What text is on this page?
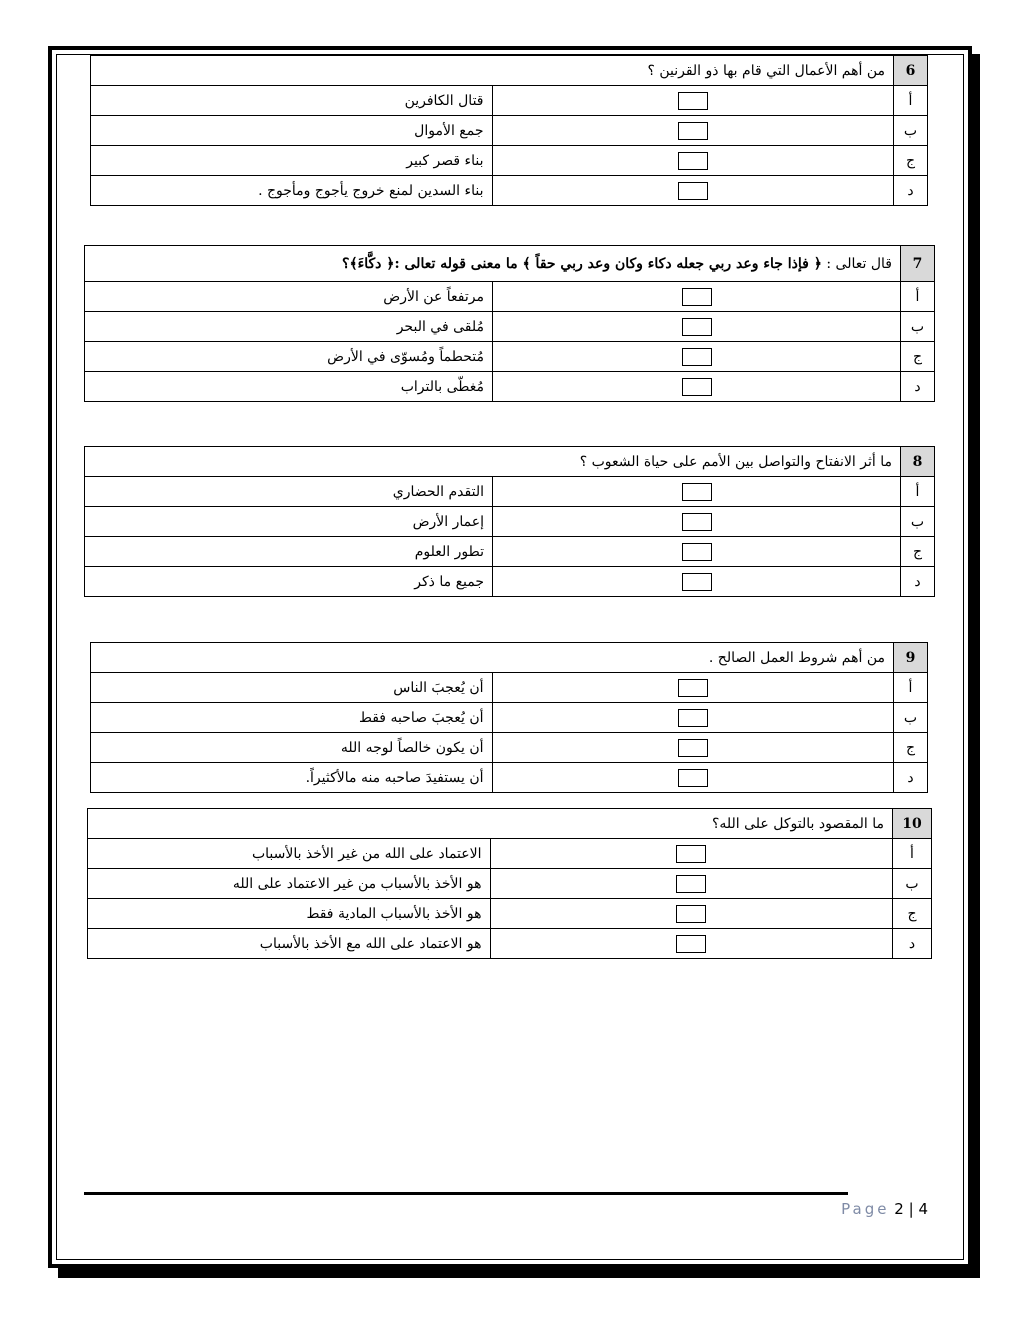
6	من أهم الأعمال التي قام بها ذو القرنين ؟	
أ		قتال الكافرين
ب		جمع الأموال
ج		بناء قصر كبير
د		بناء السدين لمنع خروج يأجوج ومأجوج .
7	قال تعالى : ﴿ فإذا جاء وعد ربي جعله دكاء وكان وعد ربي حقاً ﴾ ما معنى قوله تعالى :﴿ دكَّاءَ﴾؟	
أ		مرتفعاً عن الأرض
ب		مُلقى في البحر
ج		مُتحطماً ومُسوّى في الأرض
د		مُغطّى بالتراب
8	ما أثر الانفتاح والتواصل بين الأمم على حياة الشعوب ؟	
أ		التقدم الحضاري
ب		إعمار الأرض
ج		تطور العلوم
د		جميع ما ذكر
9	من أهم شروط العمل الصالح .	
أ		أن يُعجبَ الناس
ب		أن يُعجبَ صاحبه فقط
ج		أن يكون خالصاً لوجه الله
د		أن يستفيدَ صاحبه منه مالأكثيراً.
10	ما المقصود بالتوكل على الله؟	
أ		الاعتماد على الله من غير الأخذ بالأسباب
ب		هو الأخذ بالأسباب من غير الاعتماد على الله
ج		هو الأخذ بالأسباب المادية فقط
د		هو الاعتماد على الله مع الأخذ بالأسباب
Page 2 | 4
